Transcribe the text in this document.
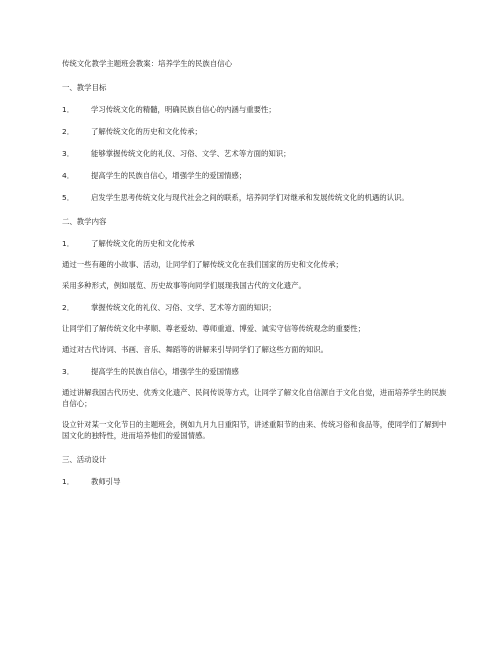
传统文化教学主题班会教案：培养学生的民族自信心
一、教学目标
1． 学习传统文化的精髓，明确民族自信心的内涵与重要性；
2． 了解传统文化的历史和文化传承；
3． 能够掌握传统文化的礼仪、习俗、文学、艺术等方面的知识；
4． 提高学生的民族自信心，增强学生的爱国情感；
5． 启发学生思考传统文化与现代社会之间的联系，培养同学们对继承和发展传统文化的机遇的认识。
二、教学内容
1． 了解传统文化的历史和文化传承
通过一些有趣的小故事、活动，让同学们了解传统文化在我们国家的历史和文化传承；
采用多种形式，例如展览、历史故事等向同学们展现我国古代的文化遗产。
2． 掌握传统文化的礼仪、习俗、文学、艺术等方面的知识；
让同学们了解传统文化中孝顺、尊老爱幼、尊师重道、博爱、诚实守信等传统观念的重要性；
通过对古代诗词、书画、音乐、舞蹈等的讲解来引导同学们了解这些方面的知识。
3． 提高学生的民族自信心，增强学生的爱国情感
通过讲解我国古代历史、优秀文化遗产、民间传说等方式，让同学了解文化自信源自于文化自觉，进而培养学生的民族自信心；
设立针对某一文化节日的主题班会，例如九月九日重阳节，讲述重阳节的由来、传统习俗和食品等，使同学们了解到中国文化的独特性，进而培养他们的爱国情感。
三、活动设计
1． 教师引导
